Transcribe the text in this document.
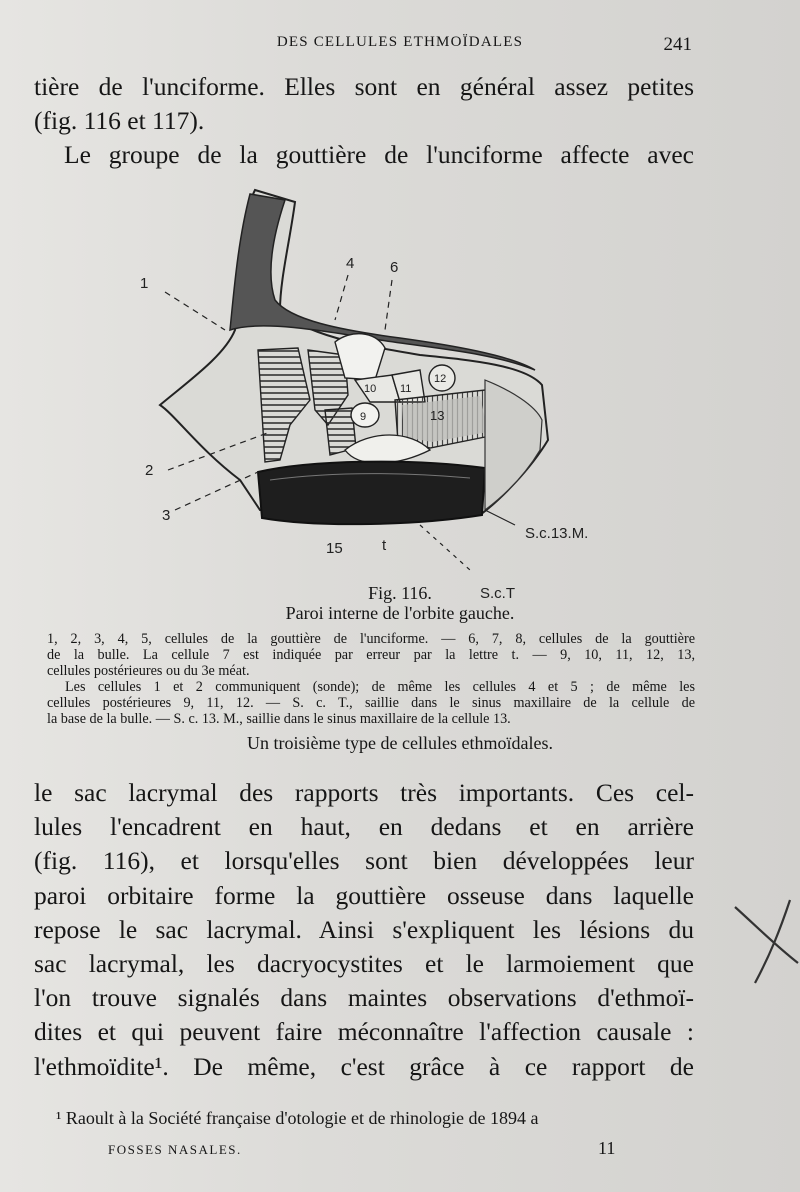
DES CELLULES ETHMOÏDALES	241
tière de l'unciforme. Elles sont en général assez petites
(fig. 116 et 117).
Le groupe de la gouttière de l'unciforme affecte avec
1
2
3
4 6
9
10 11
12
13
15	t
S.c.13.M.
S.c.T
Fig. 116.
Paroi interne de l'orbite gauche.
1, 2, 3, 4, 5, cellules de la gouttière de l'unciforme. — 6, 7, 8, cellules de la gouttière
de la bulle. La cellule 7 est indiquée par erreur par la lettre t. — 9, 10, 11, 12, 13,
cellules postérieures ou du 3e méat.
Les cellules 1 et 2 communiquent (sonde); de même les cellules 4 et 5 ; de même les
cellules postérieures 9, 11, 12. — S. c. T., saillie dans le sinus maxillaire de la cellule de
la base de la bulle. — S. c. 13. M., saillie dans le sinus maxillaire de la cellule 13.
Un troisième type de cellules ethmoïdales.
le sac lacrymal des rapports très importants. Ces cel-
lules l'encadrent en haut, en dedans et en arrière
(fig. 116), et lorsqu'elles sont bien développées leur
paroi orbitaire forme la gouttière osseuse dans laquelle
repose le sac lacrymal. Ainsi s'expliquent les lésions du
sac lacrymal, les dacryocystites et le larmoiement que
l'on trouve signalés dans maintes observations d'ethmoï-
dites et qui peuvent faire méconnaître l'affection causale :
l'ethmoïdite¹. De même, c'est grâce à ce rapport de
¹ Raoult à la Société française d'otologie et de rhinologie de 1894 a
FOSSES NASALES.	11
